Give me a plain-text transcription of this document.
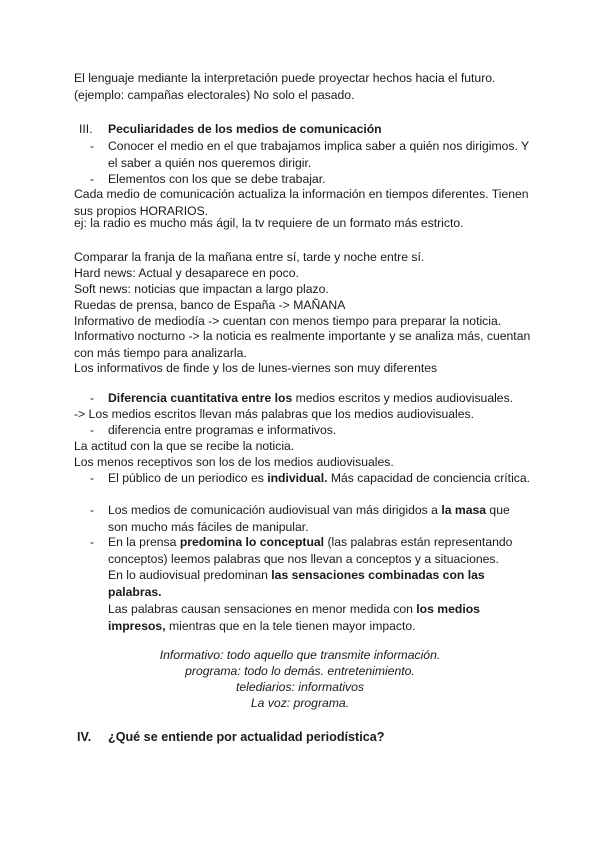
El lenguaje mediante la interpretación puede proyectar hechos hacia el futuro.

(ejemplo: campañas electorales) No solo el pasado.

III. Peculiaridades de los medios de comunicación

- Conocer el medio en el que trabajamos implica saber a quién nos dirigimos. Y el saber a quién nos queremos dirigir.

- Elementos con los que se debe trabajar.

Cada medio de comunicación actualiza la información en tiempos diferentes. Tienen sus propios HORARIOS.

ej: la radio es mucho más ágil, la tv requiere de un formato más estricto.

Comparar la franja de la mañana entre sí, tarde y noche entre sí.

Hard news: Actual y desaparece en poco.

Soft news: noticias que impactan a largo plazo.

Ruedas de prensa, banco de España -> MAÑANA

Informativo de mediodía -> cuentan con menos tiempo para preparar la noticia.

Informativo nocturno -> la noticia es realmente importante y se analiza más, cuentan con más tiempo para analizarla.

Los informativos de finde y los de lunes-viernes son muy diferentes

- Diferencia cuantitativa entre los medios escritos y medios audiovisuales.

-> Los medios escritos llevan más palabras que los medios audiovisuales.

- diferencia entre programas e informativos.

La actitud con la que se recibe la noticia.

Los menos receptivos son los de los medios audiovisuales.

- El público de un periodico es individual. Más capacidad de conciencia crítica.

- Los medios de comunicación audiovisual van más dirigidos a la masa que son mucho más fáciles de manipular.

- En la prensa predomina lo conceptual (las palabras están representando conceptos) leemos palabras que nos llevan a conceptos y a situaciones.

En lo audiovisual predominan las sensaciones combinadas con las palabras.

Las palabras causan sensaciones en menor medida con los medios impresos, mientras que en la tele tienen mayor impacto.

Informativo: todo aquello que transmite información.

programa: todo lo demás. entretenimiento.

telediarios: informativos

La voz: programa.

IV. ¿Qué se entiende por actualidad periodística?
